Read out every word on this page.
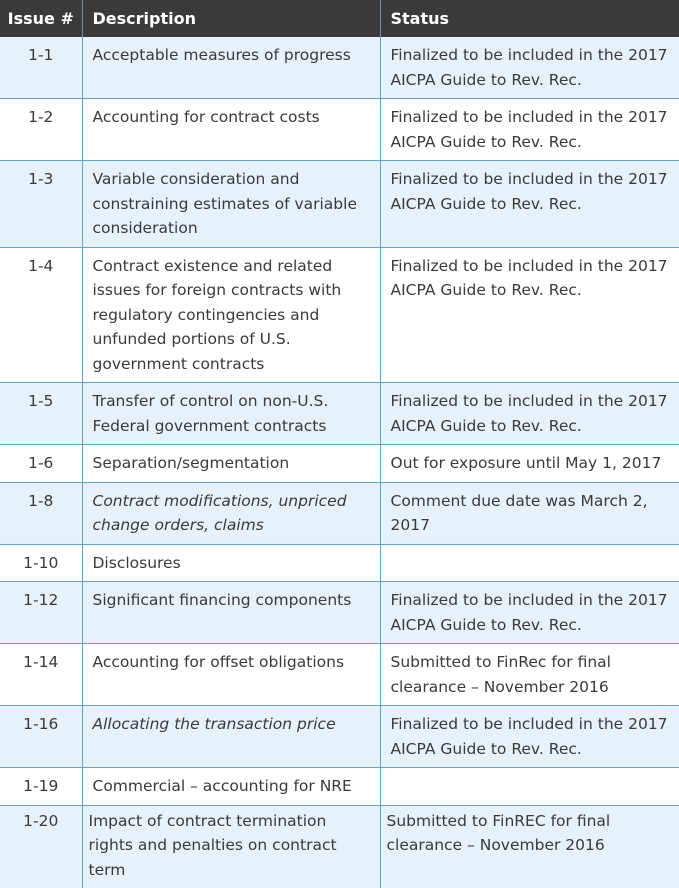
Issue #	Description	Status
1-1	Acceptable measures of progress	Finalized to be included in the 2017 AICPA Guide to Rev. Rec.
1-2	Accounting for contract costs	Finalized to be included in the 2017 AICPA Guide to Rev. Rec.
1-3	Variable consideration and constraining estimates of variable consideration	Finalized to be included in the 2017 AICPA Guide to Rev. Rec.
1-4	Contract existence and related issues for foreign contracts with regulatory contingencies and unfunded portions of U.S. government contracts	Finalized to be included in the 2017 AICPA Guide to Rev. Rec.
1-5	Transfer of control on non-U.S. Federal government contracts	Finalized to be included in the 2017 AICPA Guide to Rev. Rec.
1-6	Separation/segmentation	Out for exposure until May 1, 2017
1-8	Contract modifications, unpriced change orders, claims	Comment due date was March 2, 2017
1-10	Disclosures	
1-12	Significant financing components	Finalized to be included in the 2017 AICPA Guide to Rev. Rec.
1-14	Accounting for offset obligations	Submitted to FinRec for final clearance – November 2016
1-16	Allocating the transaction price	Finalized to be included in the 2017 AICPA Guide to Rev. Rec.
1-19	Commercial – accounting for NRE	
1-20	Impact of contract termination rights and penalties on contract term	Submitted to FinREC for final clearance – November 2016
